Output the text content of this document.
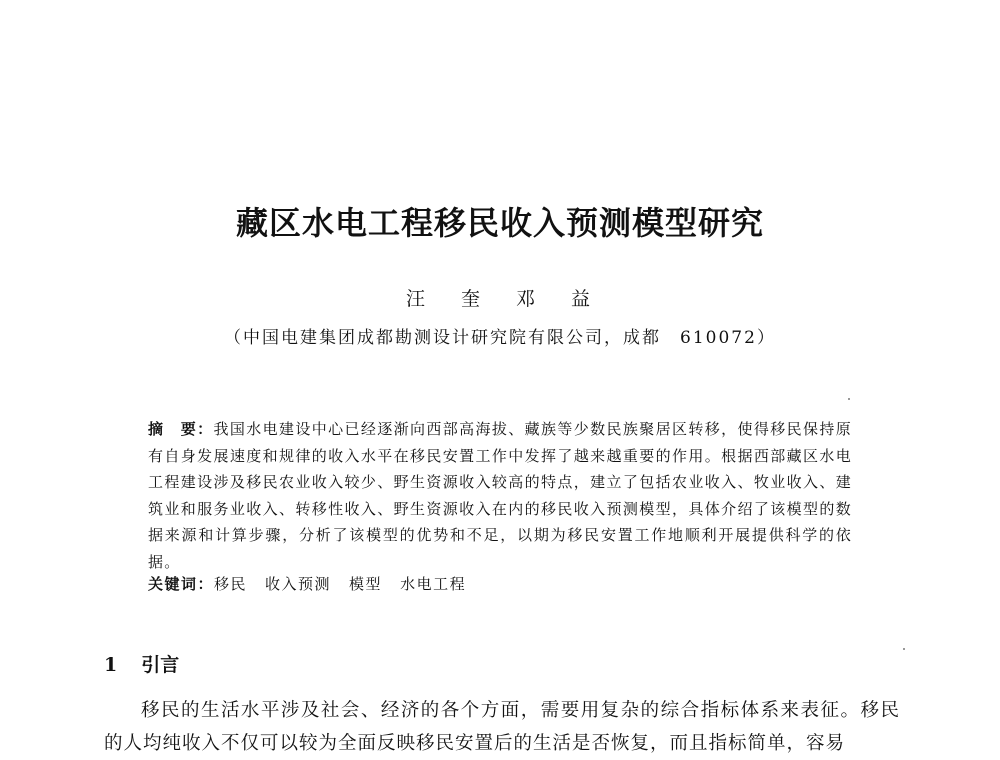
藏区水电工程移民收入预测模型研究
汪 奎 邓 益
（中国电建集团成都勘测设计研究院有限公司，成都　610072）
摘　要：我国水电建设中心已经逐渐向西部高海拔、藏族等少数民族聚居区转移，使得移民保持原有自身发展速度和规律的收入水平在移民安置工作中发挥了越来越重要的作用。根据西部藏区水电工程建设涉及移民农业收入较少、野生资源收入较高的特点，建立了包括农业收入、牧业收入、建筑业和服务业收入、转移性收入、野生资源收入在内的移民收入预测模型，具体介绍了该模型的数据来源和计算步骤，分析了该模型的优势和不足，以期为移民安置工作地顺利开展提供科学的依据。
关键词：移民 收入预测 模型 水电工程
1 引言

移民的生活水平涉及社会、经济的各个方面，需要用复杂的综合指标体系来表征。移民的人均纯收入不仅可以较为全面反映移民安置后的生活是否恢复，而且指标简单，容易
